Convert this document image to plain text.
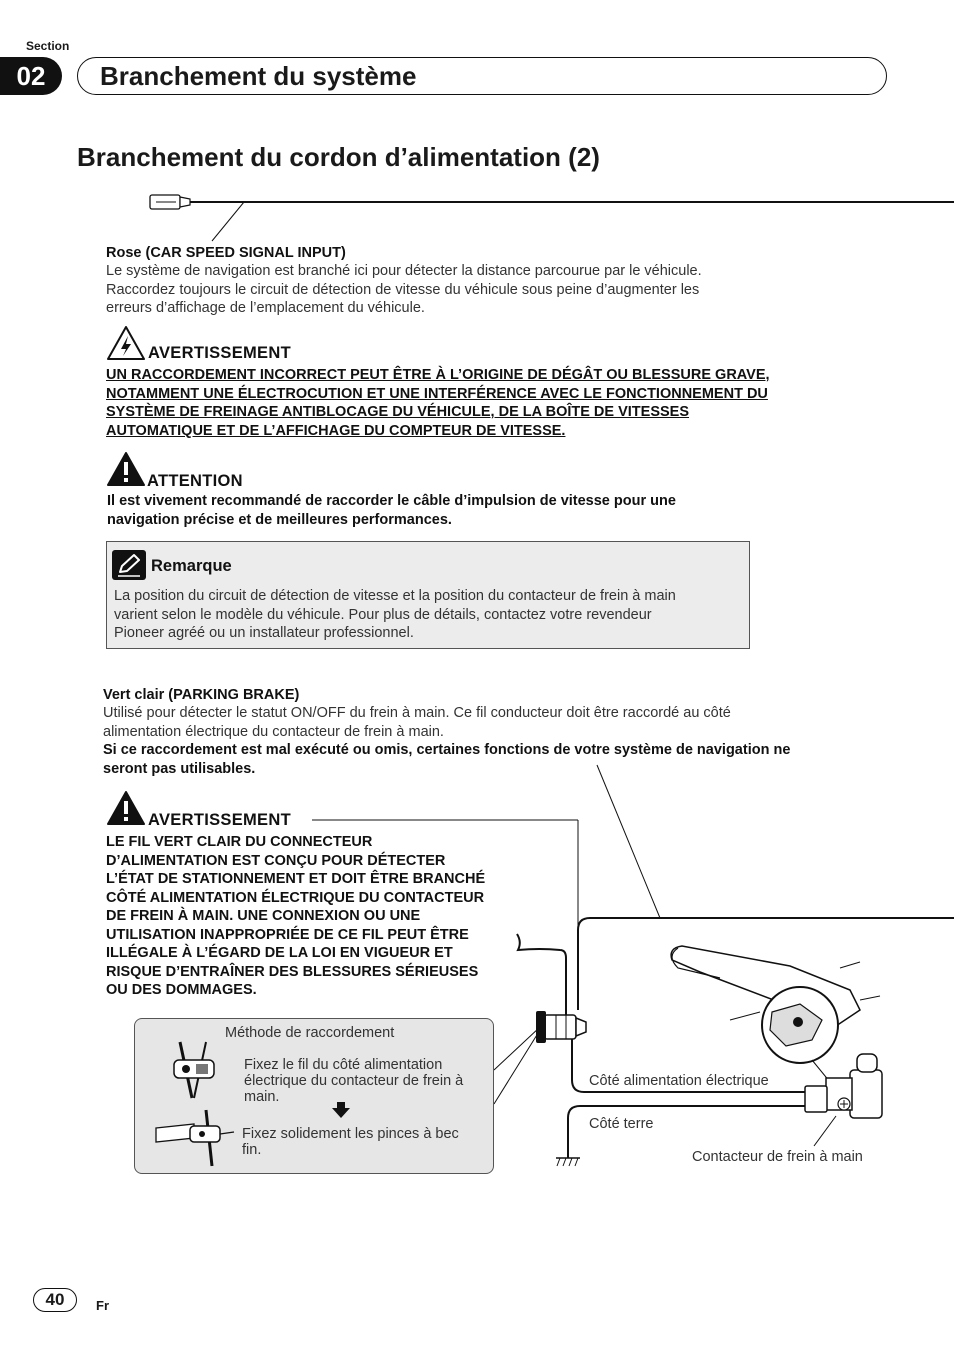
Section
02	Branchement du système
Branchement du cordon d’alimentation (2)
Rose (CAR SPEED SIGNAL INPUT)
Le système de navigation est branché ici pour détecter la distance parcourue par le véhicule.
Raccordez toujours le circuit de détection de vitesse du véhicule sous peine d’augmenter les
erreurs d’affichage de l’emplacement du véhicule.
AVERTISSEMENT
UN RACCORDEMENT INCORRECT PEUT ÊTRE À L’ORIGINE DE DÉGÂT OU BLESSURE GRAVE,
NOTAMMENT UNE ÉLECTROCUTION ET UNE INTERFÉRENCE AVEC LE FONCTIONNEMENT DU
SYSTÈME DE FREINAGE ANTIBLOCAGE DU VÉHICULE, DE LA BOÎTE DE VITESSES
AUTOMATIQUE ET DE L’AFFICHAGE DU COMPTEUR DE VITESSE.
ATTENTION
Il est vivement recommandé de raccorder le câble d’impulsion de vitesse pour une
navigation précise et de meilleures performances.
Remarque
La position du circuit de détection de vitesse et la position du contacteur de frein à main
varient selon le modèle du véhicule. Pour plus de détails, contactez votre revendeur
Pioneer agréé ou un installateur professionnel.
Vert clair (PARKING BRAKE)
Utilisé pour détecter le statut ON/OFF du frein à main. Ce fil conducteur doit être raccordé au côté
alimentation électrique du contacteur de frein à main.
Si ce raccordement est mal exécuté ou omis, certaines fonctions de votre système de navigation ne
seront pas utilisables.
AVERTISSEMENT
LE FIL VERT CLAIR DU CONNECTEUR
D’ALIMENTATION EST CONÇU POUR DÉTECTER
L’ÉTAT DE STATIONNEMENT ET DOIT ÊTRE BRANCHÉ
CÔTÉ ALIMENTATION ÉLECTRIQUE DU CONTACTEUR
DE FREIN À MAIN. UNE CONNEXION OU UNE
UTILISATION INAPPROPRIÉE DE CE FIL PEUT ÊTRE
ILLÉGALE À L’ÉGARD DE LA LOI EN VIGUEUR ET
RISQUE D’ENTRAÎNER DES BLESSURES SÉRIEUSES
OU DES DOMMAGES.
Côté alimentation électrique
Côté terre
Contacteur de frein à main
Méthode de raccordement
Fixez le fil du côté alimentation
électrique du contacteur de frein à
main.
Fixez solidement les pinces à bec
fin.
40	Fr
